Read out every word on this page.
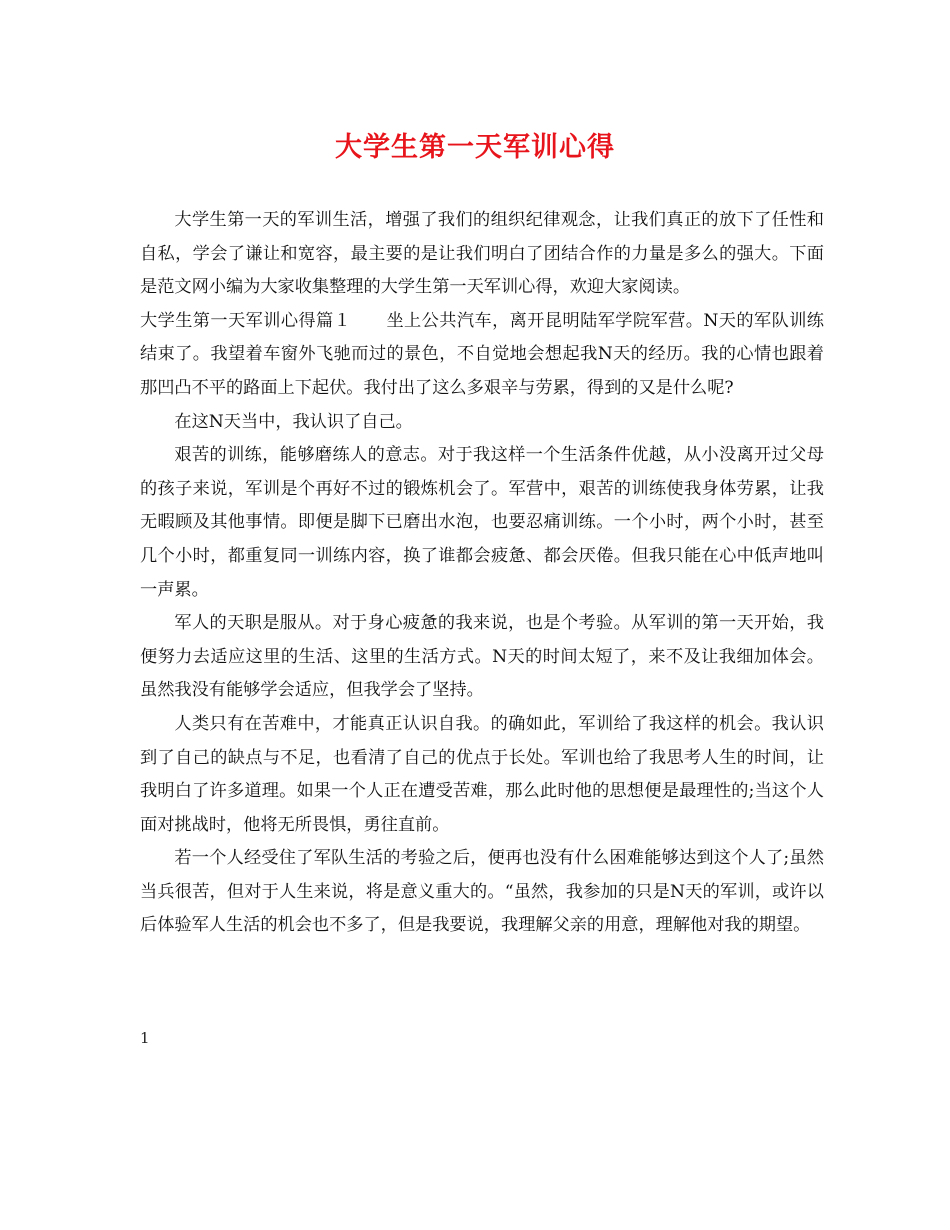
大学生第一天军训心得

大学生第一天的军训生活，增强了我们的组织纪律观念，让我们真正的放下了任性和自私，学会了谦让和宽容，最主要的是让我们明白了团结合作的力量是多么的强大。下面是范文网小编为大家收集整理的大学生第一天军训心得，欢迎大家阅读。

大学生第一天军训心得篇１　　坐上公共汽车，离开昆明陆军学院军营。N天的军队训练结束了。我望着车窗外飞驰而过的景色，不自觉地会想起我N天的经历。我的心情也跟着那凹凸不平的路面上下起伏。我付出了这么多艰辛与劳累，得到的又是什么呢?

在这N天当中，我认识了自己。

艰苦的训练，能够磨练人的意志。对于我这样一个生活条件优越，从小没离开过父母的孩子来说，军训是个再好不过的锻炼机会了。军营中，艰苦的训练使我身体劳累，让我无暇顾及其他事情。即便是脚下已磨出水泡，也要忍痛训练。一个小时，两个小时，甚至几个小时，都重复同一训练内容，换了谁都会疲惫、都会厌倦。但我只能在心中低声地叫一声累。

军人的天职是服从。对于身心疲惫的我来说，也是个考验。从军训的第一天开始，我便努力去适应这里的生活、这里的生活方式。N天的时间太短了，来不及让我细加体会。虽然我没有能够学会适应，但我学会了坚持。

人类只有在苦难中，才能真正认识自我。的确如此，军训给了我这样的机会。我认识到了自己的缺点与不足，也看清了自己的优点于长处。军训也给了我思考人生的时间，让我明白了许多道理。如果一个人正在遭受苦难，那么此时他的思想便是最理性的;当这个人面对挑战时，他将无所畏惧，勇往直前。

若一个人经受住了军队生活的考验之后，便再也没有什么困难能够达到这个人了;虽然当兵很苦，但对于人生来说，将是意义重大的。“虽然，我参加的只是N天的军训，或许以后体验军人生活的机会也不多了，但是我要说，我理解父亲的用意，理解他对我的期望。

1
